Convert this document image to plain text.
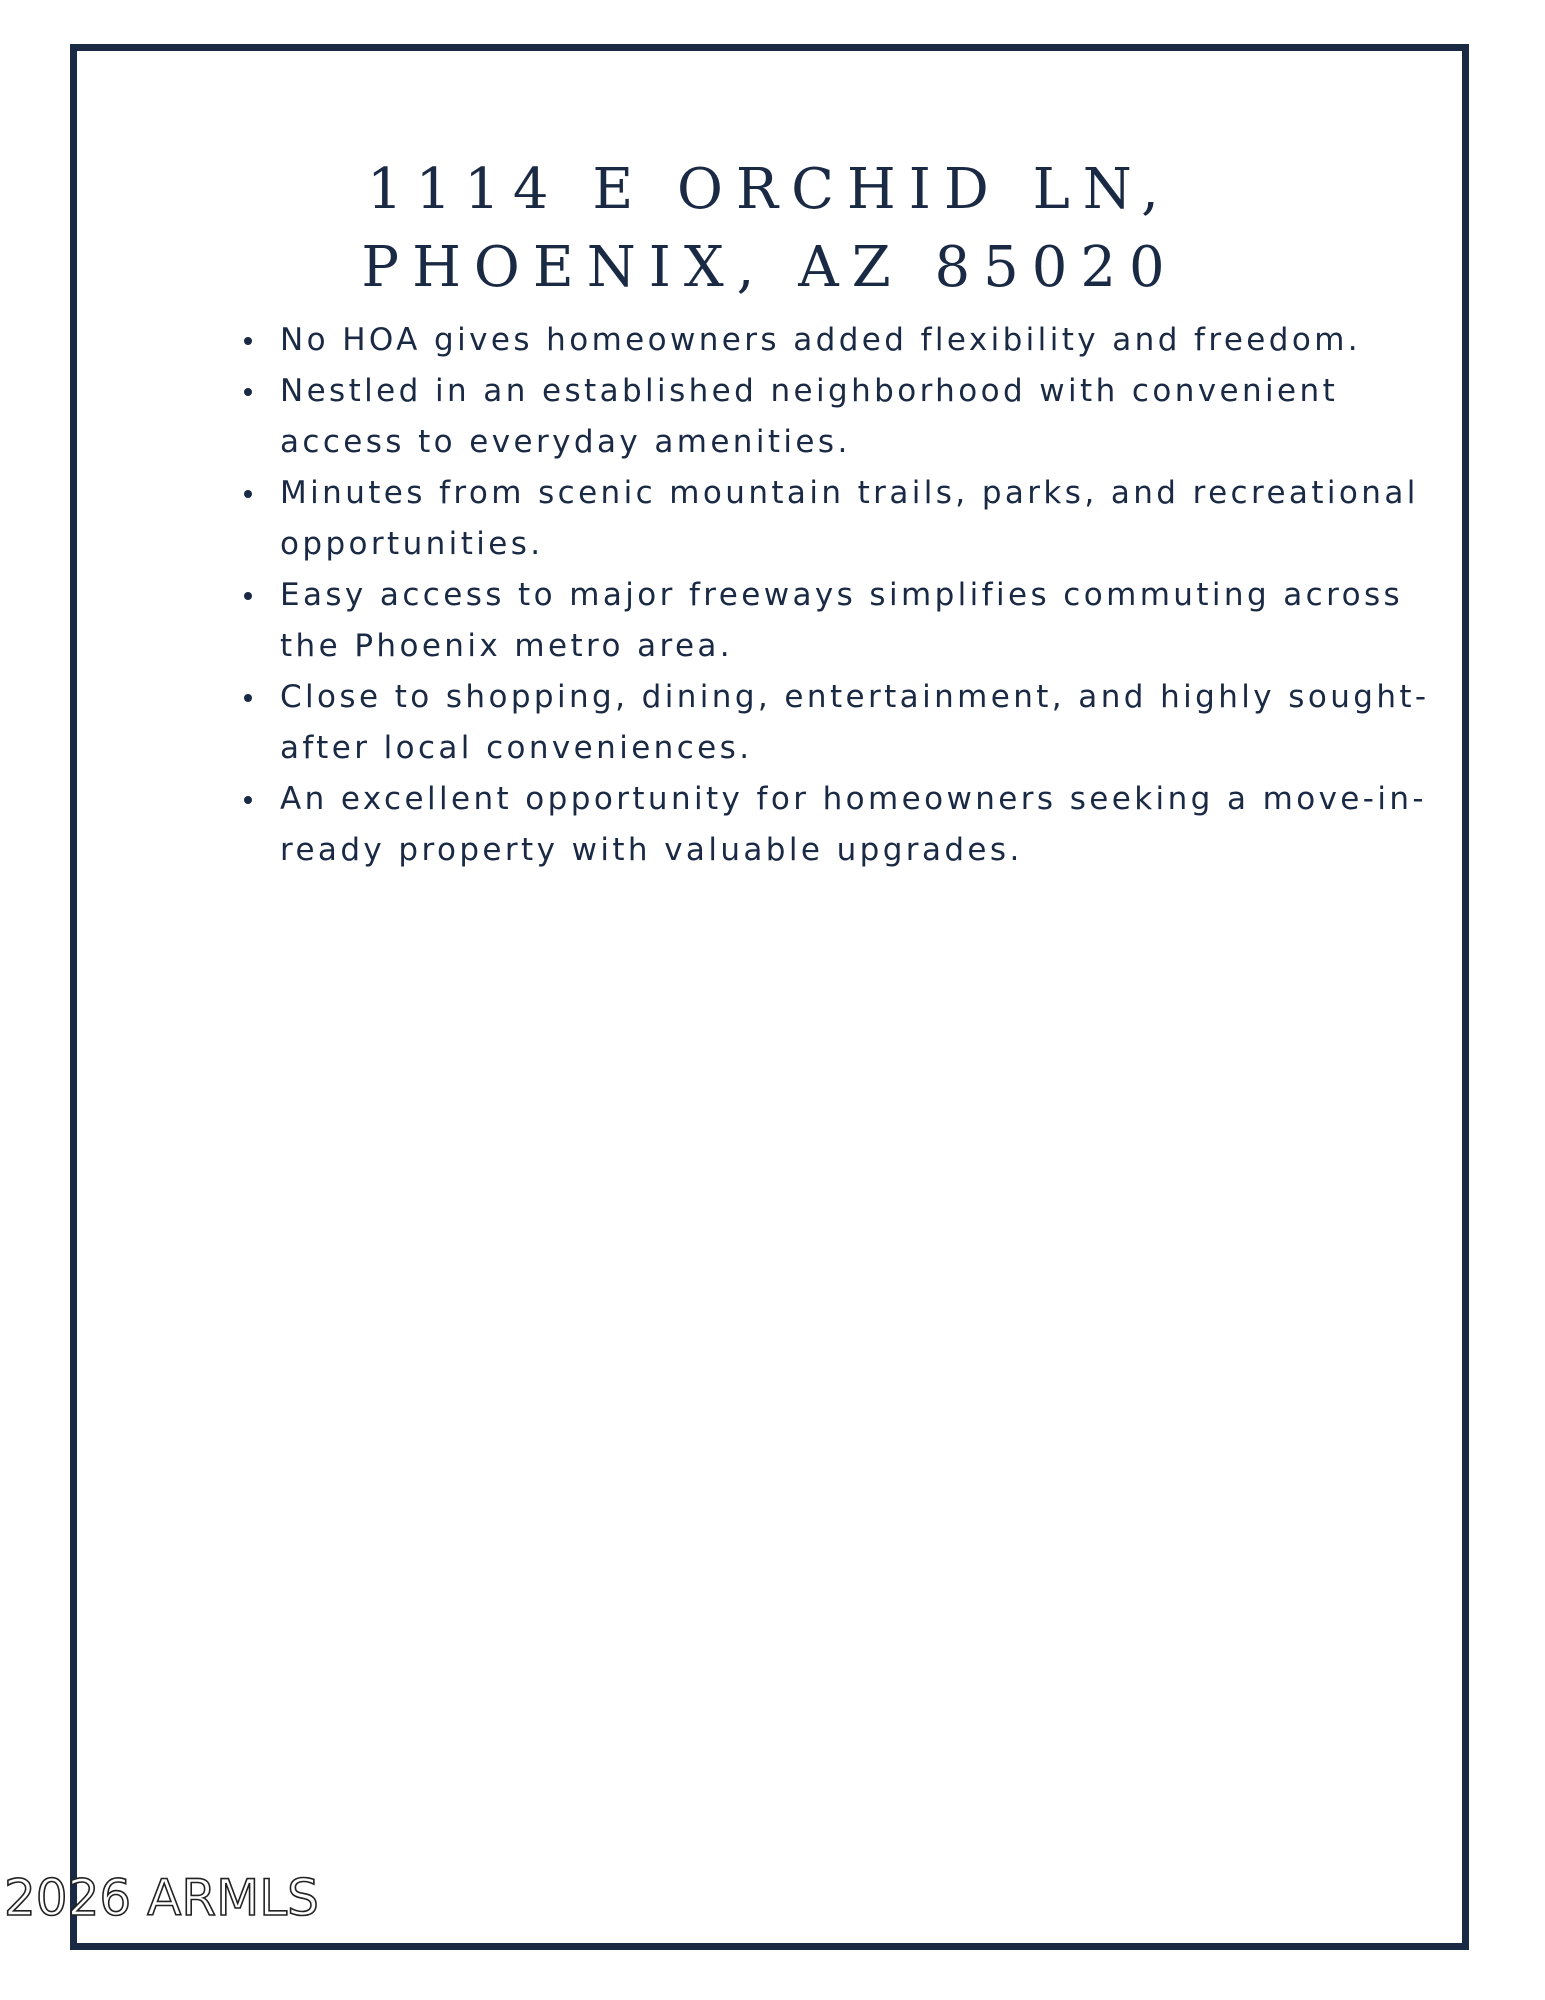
1114 E ORCHID LN,
PHOENIX, AZ 85020
No HOA gives homeowners added flexibility and freedom.
Nestled in an established neighborhood with convenient access to everyday amenities.
Minutes from scenic mountain trails, parks, and recreational opportunities.
Easy access to major freeways simplifies commuting across the Phoenix metro area.
Close to shopping, dining, entertainment, and highly sought-after local conveniences.
An excellent opportunity for homeowners seeking a move-in-ready property with valuable upgrades.
2026 ARMLS
